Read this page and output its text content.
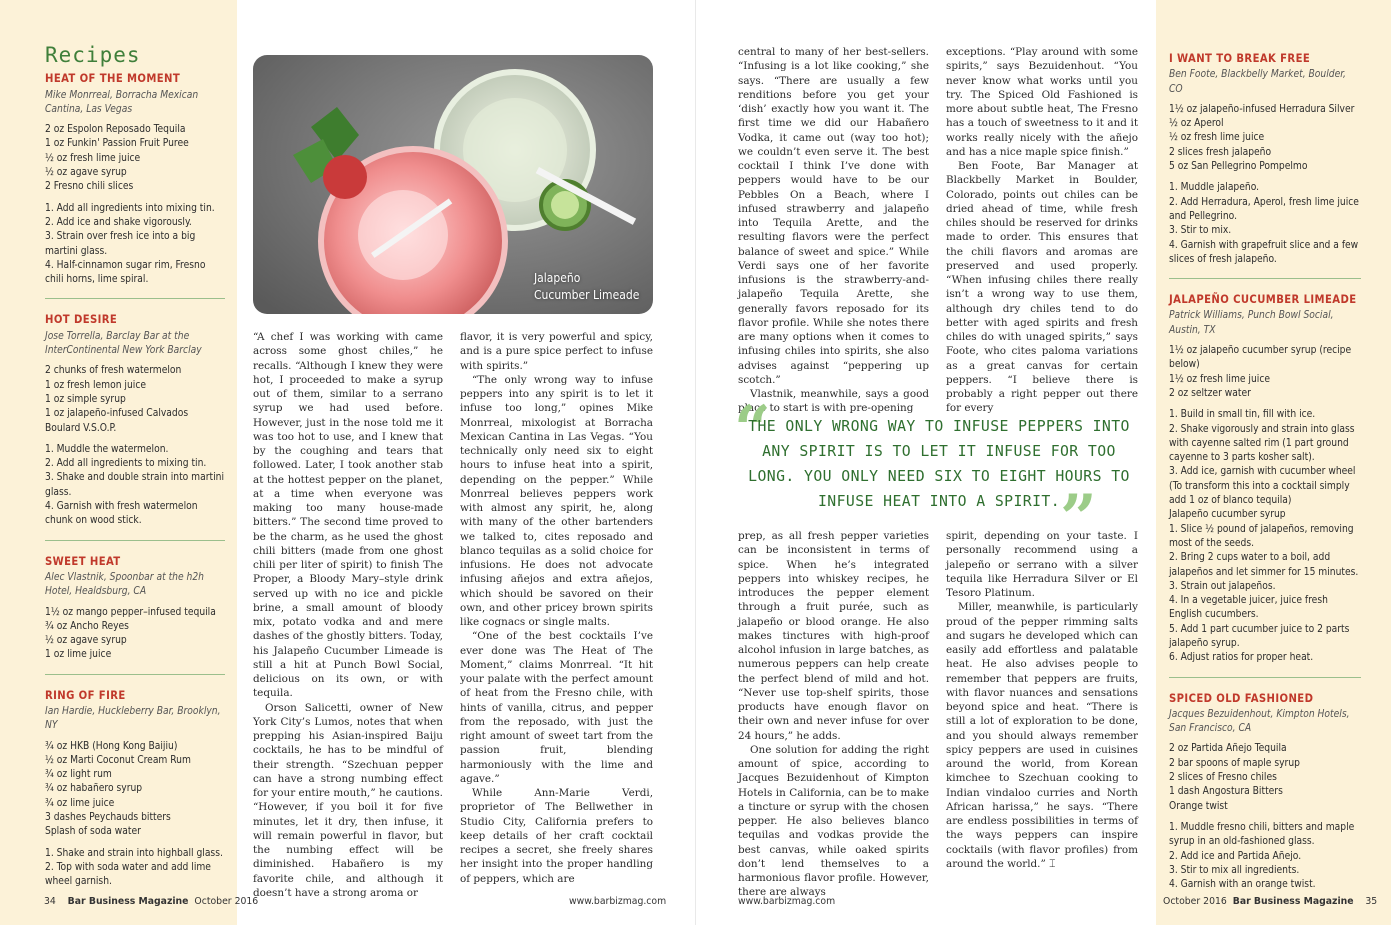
Recipes
HEAT OF THE MOMENT
Mike Monrreal, Borracha Mexican Cantina, Las Vegas
2 oz Espolon Reposado Tequila
1 oz Funkin' Passion Fruit Puree
½ oz fresh lime juice
½ oz agave syrup
2 Fresno chili slices
1. Add all ingredients into mixing tin.
2. Add ice and shake vigorously.
3. Strain over fresh ice into a big martini glass.
4. Half-cinnamon sugar rim, Fresno chili horns, lime spiral.
HOT DESIRE
Jose Torrella, Barclay Bar at the InterContinental New York Barclay
2 chunks of fresh watermelon
1 oz fresh lemon juice
1 oz simple syrup
1 oz jalapeño-infused Calvados Boulard V.S.O.P.
1. Muddle the watermelon.
2. Add all ingredients to mixing tin.
3. Shake and double strain into martini glass.
4. Garnish with fresh watermelon chunk on wood stick.
SWEET HEAT
Alec Vlastnik, Spoonbar at the h2h Hotel, Healdsburg, CA
1½ oz mango pepper–infused tequila
¾ oz Ancho Reyes
½ oz agave syrup
1 oz lime juice
RING OF FIRE
Ian Hardie, Huckleberry Bar, Brooklyn, NY
¾ oz HKB (Hong Kong Baijiu)
½ oz Marti Coconut Cream Rum
¾ oz light rum
¾ oz habañero syrup
¾ oz lime juice
3 dashes Peychauds bitters
Splash of soda water
1. Shake and strain into highball glass.
2. Top with soda water and add lime wheel garnish.
I WANT TO BREAK FREE
Ben Foote, Blackbelly Market, Boulder, CO
1½ oz jalapeño-infused Herradura Silver
½ oz Aperol
½ oz fresh lime juice
2 slices fresh jalapeño
5 oz San Pellegrino Pompelmo
1. Muddle jalapeño.
2. Add Herradura, Aperol, fresh lime juice and Pellegrino.
3. Stir to mix.
4. Garnish with grapefruit slice and a few slices of fresh jalapeño.
JALAPEÑO CUCUMBER LIMEADE
Patrick Williams, Punch Bowl Social, Austin, TX
1½ oz jalapeño cucumber syrup (recipe below)
1½ oz fresh lime juice
2 oz seltzer water
1. Build in small tin, fill with ice.
2. Shake vigorously and strain into glass with cayenne salted rim (1 part ground cayenne to 3 parts kosher salt).
3. Add ice, garnish with cucumber wheel
(To transform this into a cocktail simply add 1 oz of blanco tequila)
Jalapeño cucumber syrup
1. Slice ½ pound of jalapeños, removing most of the seeds.
2. Bring 2 cups water to a boil, add jalapeños and let simmer for 15 minutes.
3. Strain out jalapeños.
4. In a vegetable juicer, juice fresh English cucumbers.
5. Add 1 part cucumber juice to 2 parts jalapeño syrup.
6. Adjust ratios for proper heat.
SPICED OLD FASHIONED
Jacques Bezuidenhout, Kimpton Hotels, San Francisco, CA
2 oz Partida Añejo Tequila
2 bar spoons of maple syrup
2 slices of Fresno chiles
1 dash Angostura Bitters
Orange twist
1. Muddle fresno chili, bitters and maple syrup in an old-fashioned glass.
2. Add ice and Partida Añejo.
3. Stir to mix all ingredients.
4. Garnish with an orange twist.
Jalapeño
Cucumber Limeade

“A chef I was working with came across some ghost chiles,” he recalls. “Although I knew they were hot, I proceeded to make a syrup out of them, similar to a serrano syrup we had used before. However, just in the nose told me it was too hot to use, and I knew that by the coughing and tears that followed. Later, I took another stab at the hottest pepper on the planet, at a time when everyone was making too many house-made bitters.” The second time proved to be the charm, as he used the ghost chili bitters (made from one ghost chili per liter of spirit) to finish The Proper, a Bloody Mary–style drink served up with no ice and pickle brine, a small amount of bloody mix, potato vodka and and mere dashes of the ghostly bitters. Today, his Jalapeño Cucumber Limeade is still a hit at Punch Bowl Social, delicious on its own, or with tequila.

Orson Salicetti, owner of New York City’s Lumos, notes that when prepping his Asian-inspired Baiju cocktails, he has to be mindful of their strength. “Szechuan pepper can have a strong numbing effect for your entire mouth,” he cautions. “However, if you boil it for five minutes, let it dry, then infuse, it will remain powerful in flavor, but the numbing effect will be diminished. Habañero is my favorite chile, and although it doesn’t have a strong aroma or

flavor, it is very powerful and spicy, and is a pure spice perfect to infuse with spirits.”

“The only wrong way to infuse peppers into any spirit is to let it infuse too long,” opines Mike Monrreal, mixologist at Borracha Mexican Cantina in Las Vegas. “You technically only need six to eight hours to infuse heat into a spirit, depending on the pepper.” While Monrreal believes peppers work with almost any spirit, he, along with many of the other bartenders we talked to, cites reposado and blanco tequilas as a solid choice for infusions. He does not advocate infusing añejos and extra añejos, which should be savored on their own, and other pricey brown spirits like cognacs or single malts.

“One of the best cocktails I’ve ever done was The Heat of The Moment,” claims Monrreal. “It hit your palate with the perfect amount of heat from the Fresno chile, with hints of vanilla, citrus, and pepper from the reposado, with just the right amount of sweet tart from the passion fruit, blending harmoniously with the lime and agave.”

While Ann-Marie Verdi, proprietor of The Bellwether in Studio City, California prefers to keep details of her craft cocktail recipes a secret, she freely shares her insight into the proper handling of peppers, which are

central to many of her best-sellers. “Infusing is a lot like cooking,” she says. “There are usually a few renditions before you get your ‘dish’ exactly how you want it. The first time we did our Habañero Vodka, it came out (way too hot); we couldn’t even serve it. The best cocktail I think I’ve done with peppers would have to be our Pebbles On a Beach, where I infused strawberry and jalapeño into Tequila Arette, and the resulting flavors were the perfect balance of sweet and spice.” While Verdi says one of her favorite infusions is the strawberry-and-jalapeño Tequila Arette, she generally favors reposado for its flavor profile. While she notes there are many options when it comes to infusing chiles into spirits, she also advises against “peppering up scotch.”

Vlastnik, meanwhile, says a good place to start is with pre-opening

exceptions. “Play around with some spirits,” says Bezuidenhout. “You never know what works until you try. The Spiced Old Fashioned is more about subtle heat, The Fresno has a touch of sweetness to it and it works really nicely with the añejo and has a nice maple spice finish.”

Ben Foote, Bar Manager at Blackbelly Market in Boulder, Colorado, points out chiles can be dried ahead of time, while fresh chiles should be reserved for drinks made to order. This ensures that the chili flavors and aromas are preserved and used properly. “When infusing chiles there really isn’t a wrong way to use them, although dry chiles tend to do better with aged spirits and fresh chiles do with unaged spirits,” says Foote, who cites paloma variations as a great canvas for certain peppers. “I believe there is probably a right pepper out there for every

prep, as all fresh pepper varieties can be inconsistent in terms of spice. When he’s integrated peppers into whiskey recipes, he introduces the pepper element through a fruit purée, such as jalapeño or blood orange. He also makes tinctures with high-proof alcohol infusion in large batches, as numerous peppers can help create the perfect blend of mild and hot. “Never use top-shelf spirits, those products have enough flavor on their own and never infuse for over 24 hours,” he adds.

One solution for adding the right amount of spice, according to Jacques Bezuidenhout of Kimpton Hotels in California, can be to make a tincture or syrup with the chosen pepper. He also believes blanco tequilas and vodkas provide the best canvas, while oaked spirits don’t lend themselves to a harmonious flavor profile. However, there are always

spirit, depending on your taste. I personally recommend using a jalepeño or serrano with a silver tequila like Herradura Silver or El Tesoro Platinum.

Miller, meanwhile, is particularly proud of the pepper rimming salts and sugars he developed which can easily add effortless and palatable heat. He also advises people to remember that peppers are fruits, with flavor nuances and sensations beyond spice and heat. “There is still a lot of exploration to be done, and you should always remember spicy peppers are used in cuisines around the world, from Korean kimchee to Szechuan cooking to Indian vindaloo curries and North African harissa,” he says. “There are endless possibilities in terms of the ways peppers can inspire cocktails (with flavor profiles) from around the world.” ⌶

“
THE ONLY WRONG WAY TO INFUSE PEPPERS INTO ANY SPIRIT IS TO LET IT INFUSE FOR TOO LONG. YOU ONLY NEED SIX TO EIGHT HOURS TO INFUSE HEAT INTO A SPIRIT. ”
34 Bar Business Magazine October 2016	www.barbizmag.com	www.barbizmag.com	October 2016 Bar Business Magazine 35
